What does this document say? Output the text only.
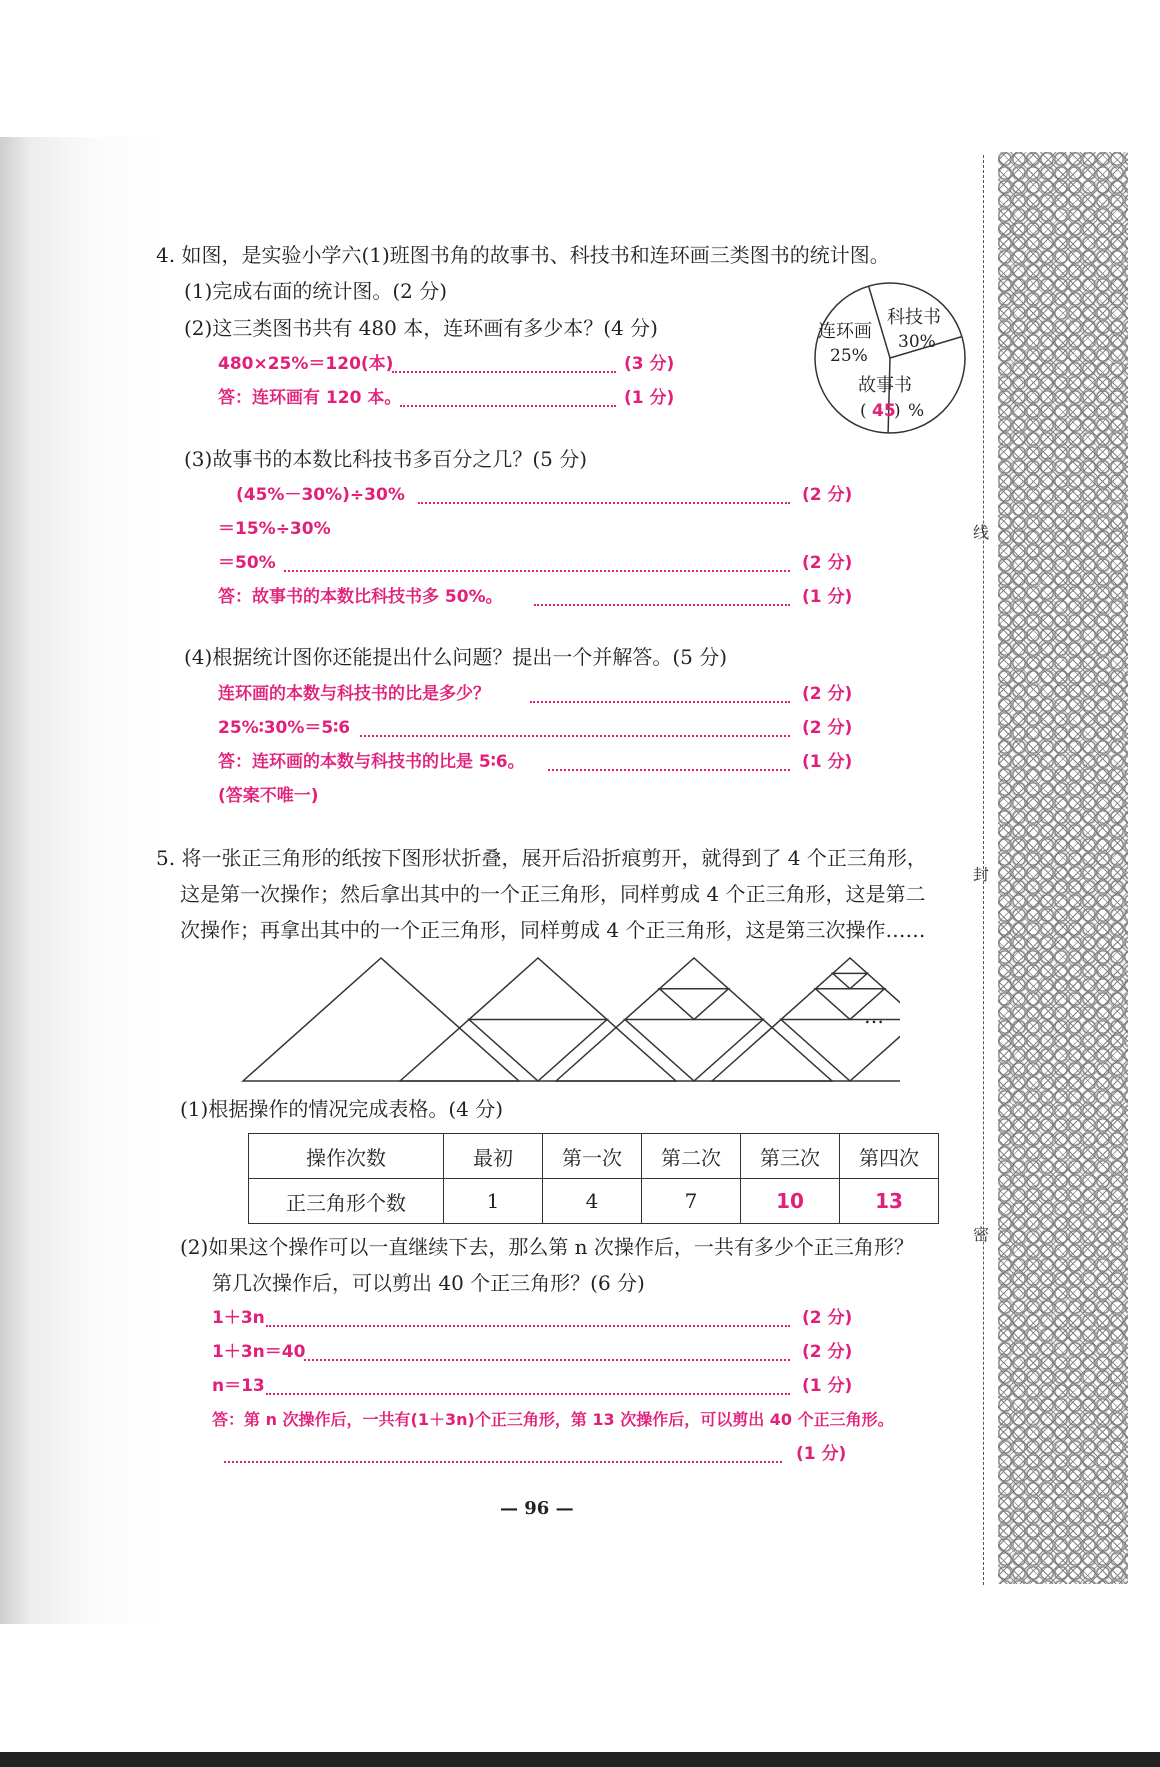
4. 如图，是实验小学六(1)班图书角的故事书、科技书和连环画三类图书的统计图。
(1)完成右面的统计图。(2 分)
(2)这三类图书共有 480 本，连环画有多少本？(4 分)
480×25%＝120(本)	(3 分)
答：连环画有 120 本。	(1 分)
连环画
25%
科技书
30%
故事书
( 45
) %
(3)故事书的本数比科技书多百分之几？(5 分)
(45%－30%)÷30%	(2 分)
＝15%÷30%
＝50%	(2 分)
答：故事书的本数比科技书多 50%。	(1 分)
(4)根据统计图你还能提出什么问题？提出一个并解答。(5 分)
连环画的本数与科技书的比是多少？	(2 分)
25%∶30%＝5∶6	(2 分)
答：连环画的本数与科技书的比是 5∶6。	(1 分)
(答案不唯一)
5. 将一张正三角形的纸按下图形状折叠，展开后沿折痕剪开，就得到了 4 个正三角形，
这是第一次操作；然后拿出其中的一个正三角形，同样剪成 4 个正三角形，这是第二
次操作；再拿出其中的一个正三角形，同样剪成 4 个正三角形，这是第三次操作……
…
(1)根据操作的情况完成表格。(4 分)
操作次数	最初	第一次	第二次	第三次	第四次
正三角形个数	1	4	7	10	13
(2)如果这个操作可以一直继续下去，那么第 n 次操作后，一共有多少个正三角形？
第几次操作后，可以剪出 40 个正三角形？(6 分)
1＋3n	(2 分)
1＋3n＝40	(2 分)
n＝13	(1 分)
答：第 n 次操作后，一共有(1＋3n)个正三角形，第 13 次操作后，可以剪出 40 个正三角形。
(1 分)
— 96 —
线
封
密
